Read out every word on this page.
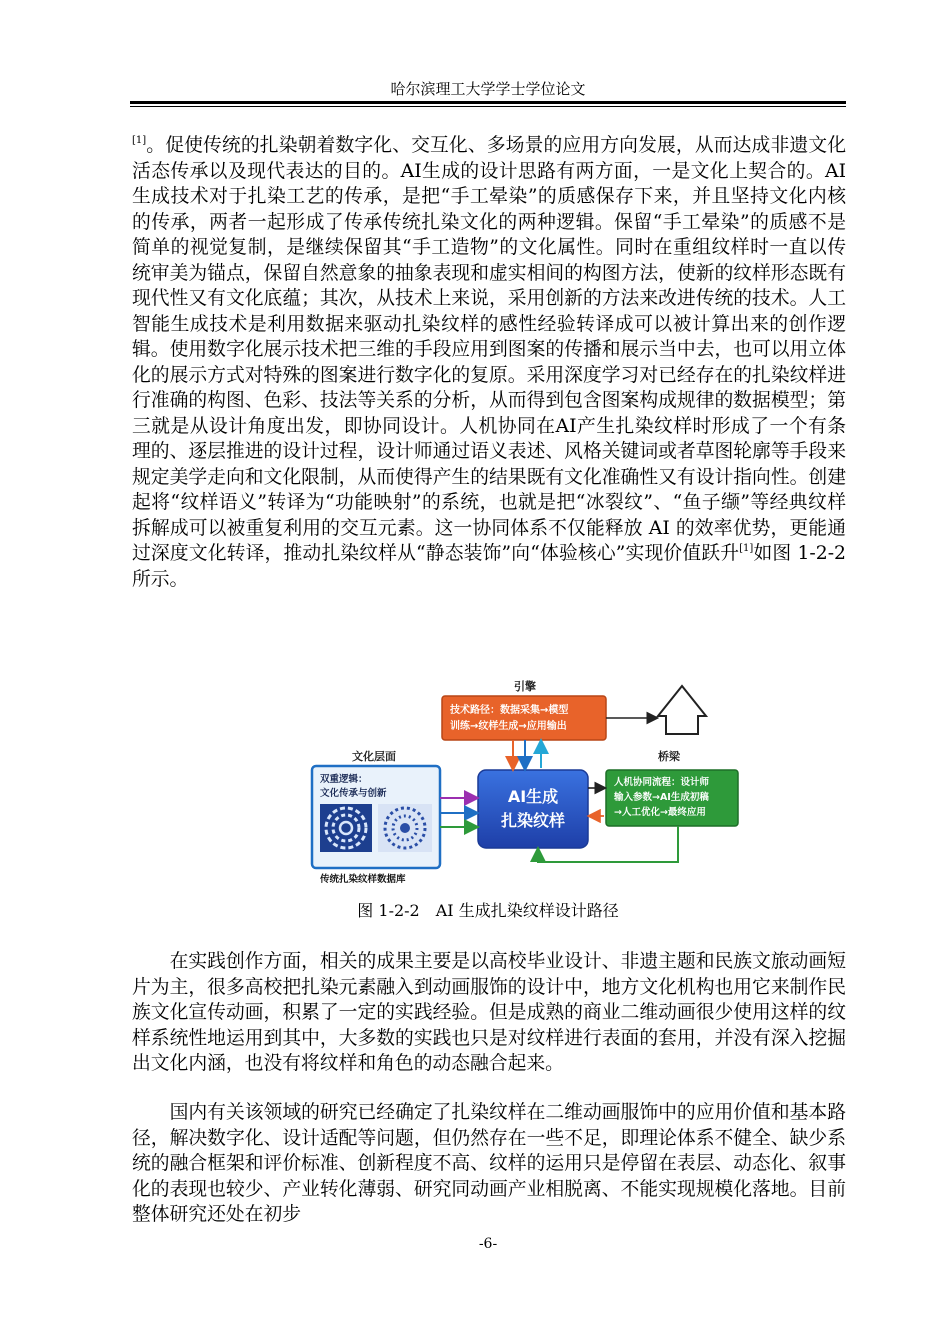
哈尔滨理工大学学士学位论文

[1]。促使传统的扎染朝着数字化、交互化、多场景的应用方向发展，从而达成非遗文化活态传承以及现代表达的目的。AI生成的设计思路有两方面，一是文化上契合的。AI生成技术对于扎染工艺的传承，是把“手工晕染”的质感保存下来，并且坚持文化内核的传承，两者一起形成了传承传统扎染文化的两种逻辑。保留“手工晕染”的质感不是简单的视觉复制，是继续保留其“手工造物”的文化属性。同时在重组纹样时一直以传统审美为锚点，保留自然意象的抽象表现和虚实相间的构图方法，使新的纹样形态既有现代性又有文化底蕴；其次，从技术上来说，采用创新的方法来改进传统的技术。人工智能生成技术是利用数据来驱动扎染纹样的感性经验转译成可以被计算出来的创作逻辑。使用数字化展示技术把三维的手段应用到图案的传播和展示当中去，也可以用立体化的展示方式对特殊的图案进行数字化的复原。采用深度学习对已经存在的扎染纹样进行准确的构图、色彩、技法等关系的分析，从而得到包含图案构成规律的数据模型；第三就是从设计角度出发，即协同设计。人机协同在AI产生扎染纹样时形成了一个有条理的、逐层推进的设计过程，设计师通过语义表述、风格关键词或者草图轮廓等手段来规定美学走向和文化限制，从而使得产生的结果既有文化准确性又有设计指向性。创建起将“纹样语义”转译为“功能映射”的系统，也就是把“冰裂纹”、“鱼子缬”等经典纹样拆解成可以被重复利用的交互元素。这一协同体系不仅能释放 AI 的效率优势，更能通过深度文化转译，推动扎染纹样从“静态装饰”向“体验核心”实现价值跃升[1]如图 1-2-2 所示。

引擎
技术路径：数据采集→模型
训练→纹样生成→应用输出
文化层面
双重逻辑：
文化传承与创新
传统扎染纹样数据库
AI生成
扎染纹样
桥梁
人机协同流程：设计师
输入参数→AI生成初稿
→人工优化→最终应用
图 1-2-2　AI 生成扎染纹样设计路径

在实践创作方面，相关的成果主要是以高校毕业设计、非遗主题和民族文旅动画短片为主，很多高校把扎染元素融入到动画服饰的设计中，地方文化机构也用它来制作民族文化宣传动画，积累了一定的实践经验。但是成熟的商业二维动画很少使用这样的纹样系统性地运用到其中，大多数的实践也只是对纹样进行表面的套用，并没有深入挖掘出文化内涵，也没有将纹样和角色的动态融合起来。

国内有关该领域的研究已经确定了扎染纹样在二维动画服饰中的应用价值和基本路径，解决数字化、设计适配等问题，但仍然存在一些不足，即理论体系不健全、缺少系统的融合框架和评价标准、创新程度不高、纹样的运用只是停留在表层、动态化、叙事化的表现也较少、产业转化薄弱、研究同动画产业相脱离、不能实现规模化落地。目前整体研究还处在初步

-6-
